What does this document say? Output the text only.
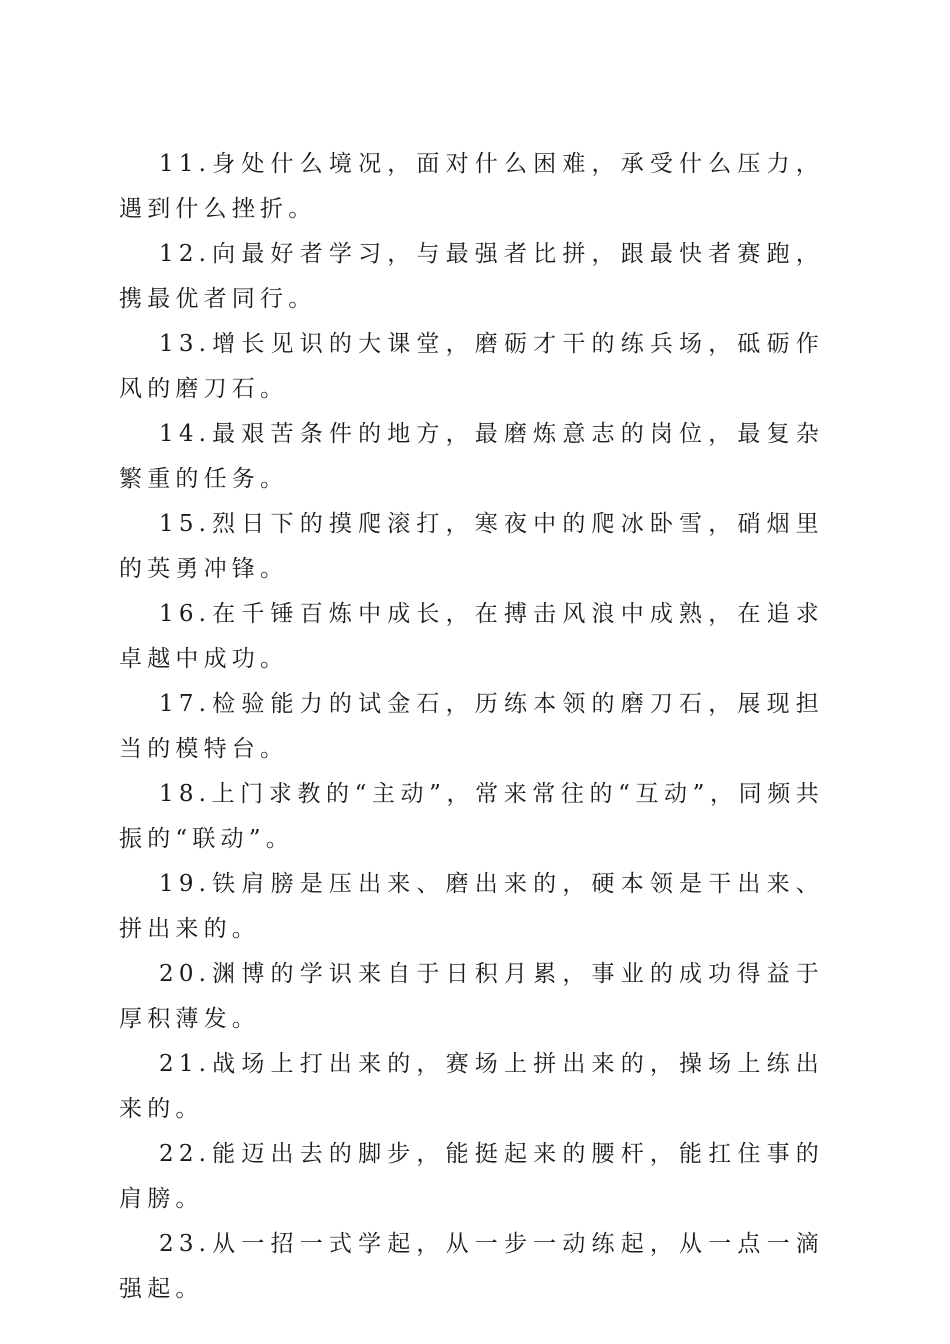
11.身处什么境况，面对什么困难，承受什么压力，遇到什么挫折。

12.向最好者学习，与最强者比拼，跟最快者赛跑，携最优者同行。

13.增长见识的大课堂，磨砺才干的练兵场，砥砺作风的磨刀石。

14.最艰苦条件的地方，最磨炼意志的岗位，最复杂繁重的任务。

15.烈日下的摸爬滚打，寒夜中的爬冰卧雪，硝烟里的英勇冲锋。

16.在千锤百炼中成长，在搏击风浪中成熟，在追求卓越中成功。

17.检验能力的试金石，历练本领的磨刀石，展现担当的模特台。

18.上门求教的“主动”，常来常往的“互动”，同频共振的“联动”。

19.铁肩膀是压出来、磨出来的，硬本领是干出来、拼出来的。

20.渊博的学识来自于日积月累，事业的成功得益于厚积薄发。

21.战场上打出来的，赛场上拼出来的，操场上练出来的。

22.能迈出去的脚步，能挺起来的腰杆，能扛住事的肩膀。

23.从一招一式学起，从一步一动练起，从一点一滴强起。
